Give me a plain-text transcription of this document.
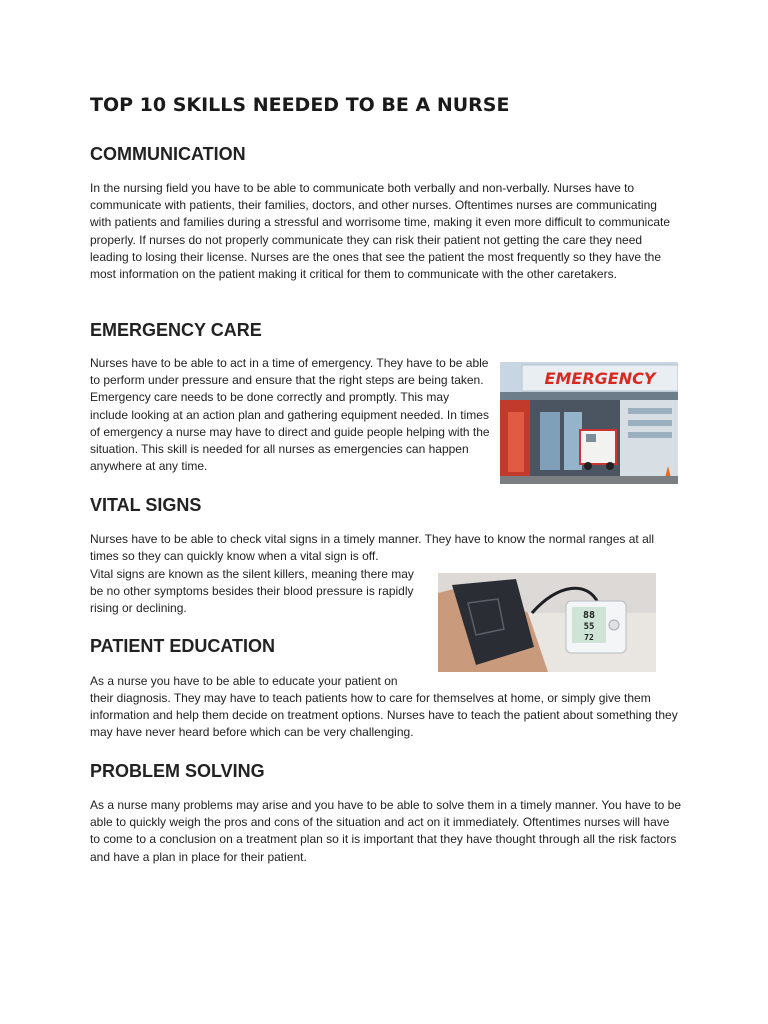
TOP 10 SKILLS NEEDED TO BE A NURSE
COMMUNICATION

In the nursing field you have to be able to communicate both verbally and non-verbally. Nurses have to communicate with patients, their families, doctors, and other nurses. Oftentimes nurses are communicating with patients and families during a stressful and worrisome time, making it even more difficult to communicate properly. If nurses do not properly communicate they can risk their patient not getting the care they need leading to losing their license. Nurses are the ones that see the patient the most frequently so they have the most information on the patient making it critical for them to communicate with the other caretakers.

EMERGENCY CARE

Nurses have to be able to act in a time of emergency. They have to be able to perform under pressure and ensure that the right steps are being taken. Emergency care needs to be done correctly and promptly. This may include looking at an action plan and gathering equipment needed. In times of emergency a nurse may have to direct and guide people helping with the situation. This skill is needed for all nurses as emergencies can happen anywhere at any time.

EMERGENCY
VITAL SIGNS

Nurses have to be able to check vital signs in a timely manner. They have to know the normal ranges at all times so they can quickly know when a vital sign is off.

Vital signs are known as the silent killers, meaning there may be no other symptoms besides their blood pressure is rapidly rising or declining.

88
55
72
PATIENT EDUCATION

As a nurse you have to be able to educate your patient on

their diagnosis. They may have to teach patients how to care for themselves at home, or simply give them information and help them decide on treatment options. Nurses have to teach the patient about something they may have never heard before which can be very challenging.

PROBLEM SOLVING

As a nurse many problems may arise and you have to be able to solve them in a timely manner. You have to be able to quickly weigh the pros and cons of the situation and act on it immediately. Oftentimes nurses will have to come to a conclusion on a treatment plan so it is important that they have thought through all the risk factors and have a plan in place for their patient.
